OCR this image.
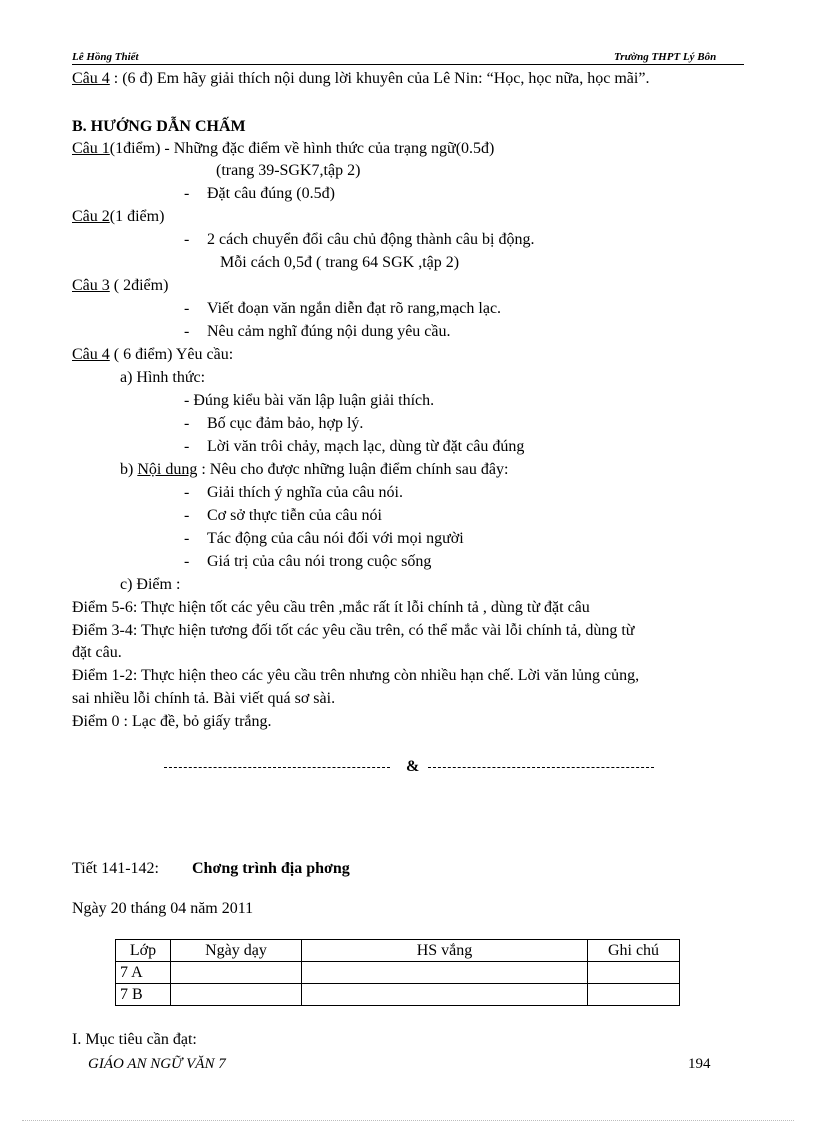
Lê Hồng Thiết	Trường THPT Lý Bôn
Câu 4 : (6 đ) Em hãy giải thích nội dung lời khuyên của Lê Nin: “Học, học nữa, học mãi”.
B. HƯỚNG DẪN CHẤM
Câu 1(1điểm) - Những đặc điểm về hình thức của trạng ngữ(0.5đ)
(trang 39-SGK7,tập 2)
- Đặt câu đúng (0.5đ)
Câu 2(1 điểm)
- 2 cách chuyển đổi câu chủ động thành câu bị động.
Mỗi cách 0,5đ ( trang 64 SGK ,tập 2)
Câu 3 ( 2điểm)
- Viết đoạn văn ngắn diễn đạt rõ rang,mạch lạc.
- Nêu cảm nghĩ đúng nội dung yêu cầu.
Câu 4 ( 6 điểm) Yêu cầu:
a) Hình thức:
- Đúng kiểu bài văn lập luận giải thích.
- Bố cục đảm bảo, hợp lý.
- Lời văn trôi chảy, mạch lạc, dùng từ đặt câu đúng
b) Nội dung : Nêu cho được những luận điểm chính sau đây:
- Giải thích ý nghĩa của câu nói.
- Cơ sở thực tiễn của câu nói
- Tác động của câu nói đối với mọi người
- Giá trị của câu nói trong cuộc sống
c) Điểm :
Điểm 5-6: Thực hiện tốt các yêu cầu trên ,mắc rất ít lỗi chính tả , dùng từ đặt câu
Điểm 3-4: Thực hiện tương đối tốt các yêu cầu trên, có thể mắc vài lỗi chính tả, dùng từ
đặt câu.
Điểm 1-2: Thực hiện theo các yêu cầu trên nhưng còn nhiều hạn chế. Lời văn lủng củng,
sai nhiều lỗi chính tả. Bài viết quá sơ sài.
Điểm 0 : Lạc đề, bỏ giấy trắng.
&
Tiết 141-142: Chơng trình địa phơng
Ngày 20 tháng 04 năm 2011
Lớp	Ngày dạy	HS vắng	Ghi chú
7 A			
7 B			
I. Mục tiêu cần đạt:
GIÁO AN NGỮ VĂN 7	194
